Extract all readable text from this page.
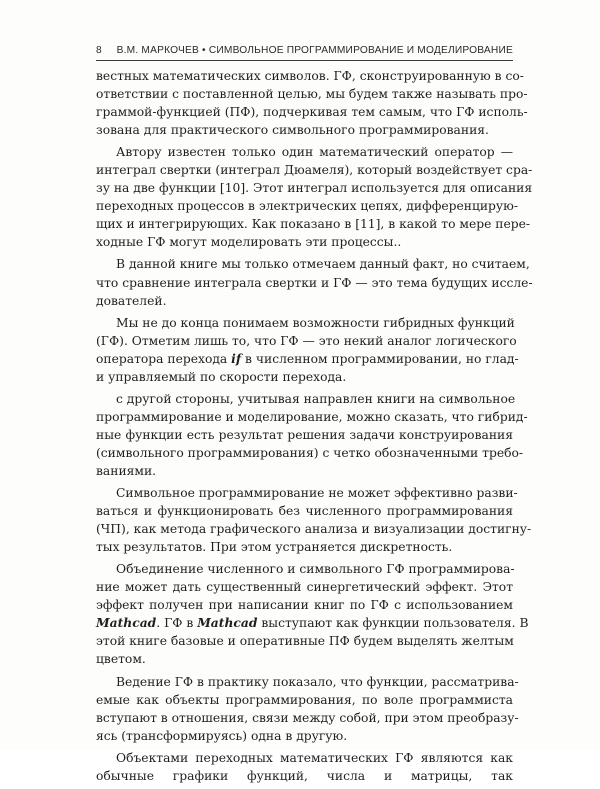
8 В.М. МАРКОЧЕВ • СИМВОЛЬНОЕ ПРОГРАММИРОВАНИЕ И МОДЕЛИРОВАНИЕ
вестных математических символов. ГФ, сконструированную в со-
ответствии с поставленной целью, мы будем также называть про-
граммой-функцией (ПФ), подчеркивая тем самым, что ГФ исполь-
зована для практического символьного программирования.
Автору известен только один математический оператор —
интеграл свертки (интеграл Дюамеля), который воздействует сра-
зу на две функции [10]. Этот интеграл используется для описания
переходных процессов в электрических цепях, дифференцирую-
щих и интегрирующих. Как показано в [11], в какой то мере пере-
ходные ГФ могут моделировать эти процессы..
В данной книге мы только отмечаем данный факт, но считаем,
что сравнение интеграла свертки и ГФ — это тема будущих иссле-
дователей.
Мы не до конца понимаем возможности гибридных функций
(ГФ). Отметим лишь то, что ГФ — это некий аналог логического
оператора перехода if в численном программировании, но глад-
и управляемый по скорости перехода.
с другой стороны, учитывая направлен книги на символьное
программирование и моделирование, можно сказать, что гибрид-
ные функции есть результат решения задачи конструирования
(символьного программирования) с четко обозначенными требо-
ваниями.
Символьное программирование не может эффективно разви-
ваться и функционировать без численного программирования
(ЧП), как метода графического анализа и визуализации достигну-
тых результатов. При этом устраняется дискретность.
Объединение численного и символьного ГФ программирова-
ние может дать существенный синергетический эффект. Этот
эффект получен при написании книг по ГФ с использованием
Mathcad. ГФ в Mathcad выступают как функции пользователя. В
этой книге базовые и оперативные ПФ будем выделять желтым
цветом.
Ведение ГФ в практику показало, что функции, рассматрива-
емые как объекты программирования, по воле программиста
вступают в отношения, связи между собой, при этом преобразу-
ясь (трансформируясь) одна в другую.
Объектами переходных математических ГФ являются как
обычные графики функций, числа и матрицы, так
